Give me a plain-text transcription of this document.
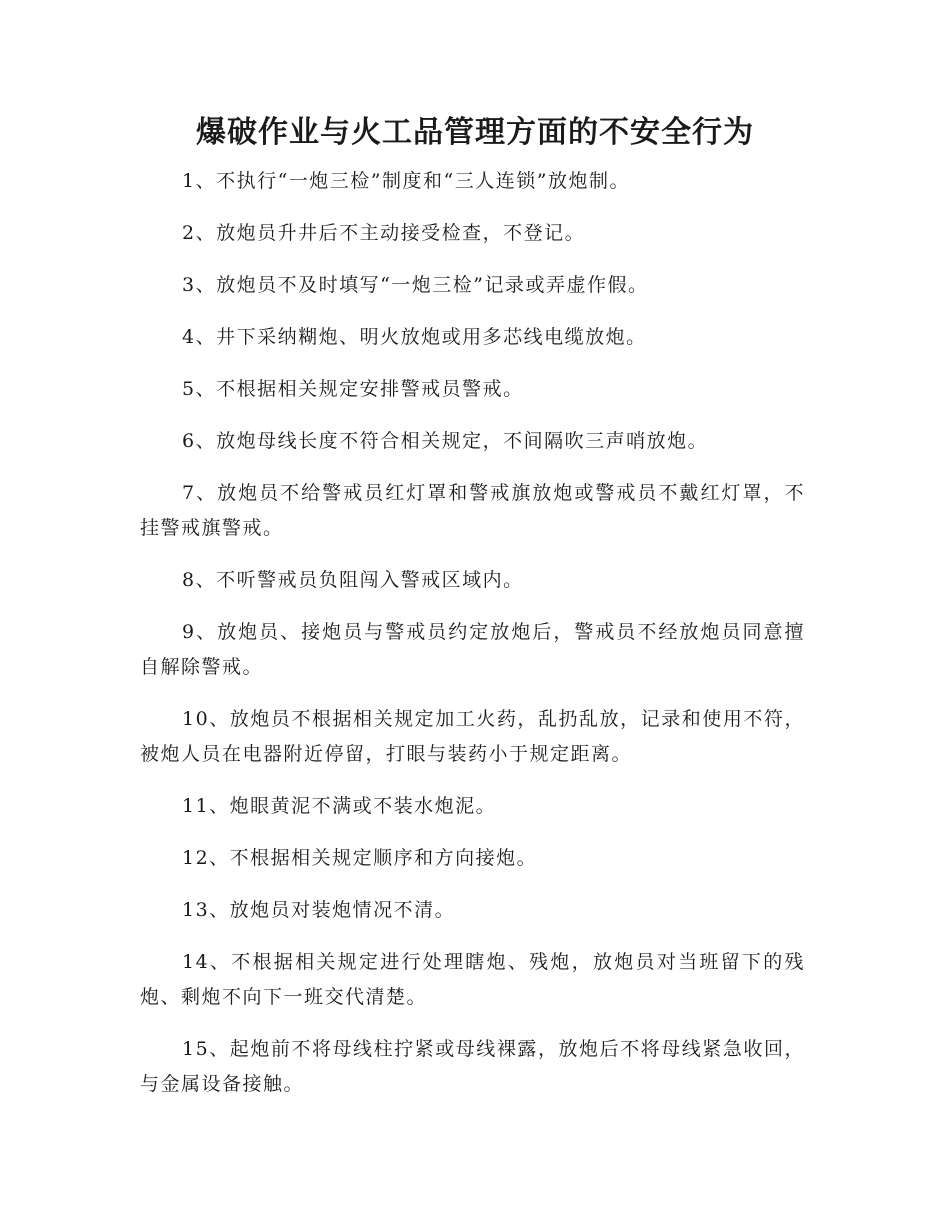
爆破作业与火工品管理方面的不安全行为

1、不执行“一炮三检”制度和“三人连锁”放炮制。

2、放炮员升井后不主动接受检查，不登记。

3、放炮员不及时填写“一炮三检”记录或弄虚作假。

4、井下采纳糊炮、明火放炮或用多芯线电缆放炮。

5、不根据相关规定安排警戒员警戒。

6、放炮母线长度不符合相关规定，不间隔吹三声哨放炮。

7、放炮员不给警戒员红灯罩和警戒旗放炮或警戒员不戴红灯罩，不挂警戒旗警戒。

8、不听警戒员负阻闯入警戒区域内。

9、放炮员、接炮员与警戒员约定放炮后，警戒员不经放炮员同意擅自解除警戒。

10、放炮员不根据相关规定加工火药，乱扔乱放，记录和使用不符，被炮人员在电器附近停留，打眼与装药小于规定距离。

11、炮眼黄泥不满或不装水炮泥。

12、不根据相关规定顺序和方向接炮。

13、放炮员对装炮情况不清。

14、不根据相关规定进行处理瞎炮、残炮，放炮员对当班留下的残炮、剩炮不向下一班交代清楚。

15、起炮前不将母线柱拧紧或母线裸露，放炮后不将母线紧急收回，与金属设备接触。
